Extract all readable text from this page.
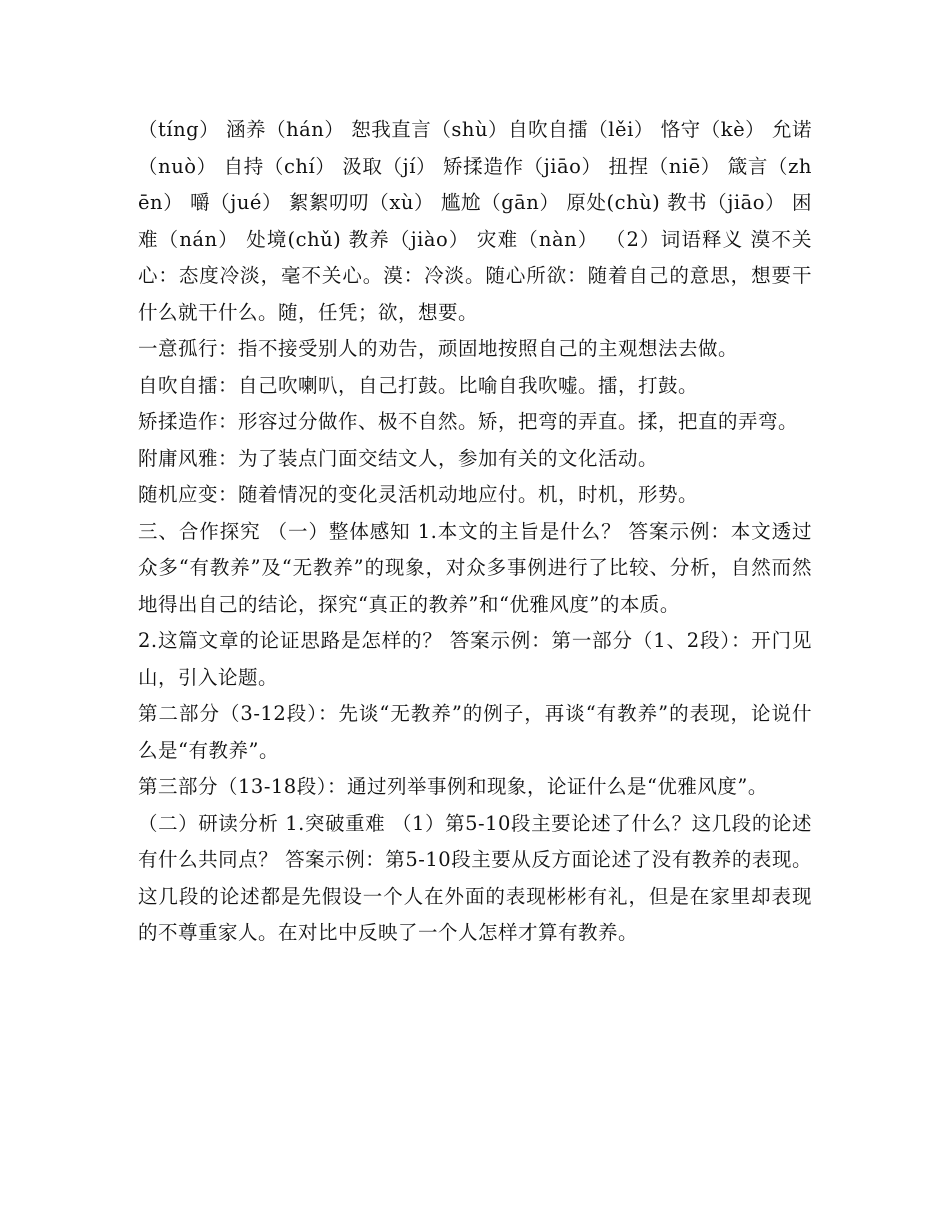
（tíng） 涵养（hán） 恕我直言（shù）自吹自擂（lěi） 恪守（kè） 允诺（nuò） 自持（chí） 汲取（jí） 矫揉造作（jiāo） 扭捏（niē） 箴言（zhēn） 嚼（jué） 絮絮叨叨（xù） 尴尬（gān） 原处(chù) 教书（jiāo） 困难（nán） 处境(chǔ) 教养（jiào） 灾难（nàn） （2）词语释义 漠不关心：态度冷淡，毫不关心。漠：冷淡。随心所欲：随着自己的意思，想要干什么就干什么。随，任凭；欲，想要。

一意孤行：指不接受别人的劝告，顽固地按照自己的主观想法去做。

自吹自擂：自己吹喇叭，自己打鼓。比喻自我吹嘘。擂，打鼓。

矫揉造作：形容过分做作、极不自然。矫，把弯的弄直。揉，把直的弄弯。

附庸风雅：为了装点门面交结文人，参加有关的文化活动。

随机应变：随着情况的变化灵活机动地应付。机，时机，形势。

三、合作探究 （一）整体感知 1.本文的主旨是什么？ 答案示例：本文透过众多“有教养”及“无教养”的现象，对众多事例进行了比较、分析，自然而然地得出自己的结论，探究“真正的教养”和“优雅风度”的本质。

2.这篇文章的论证思路是怎样的？ 答案示例：第一部分（1、2段）：开门见山，引入论题。

第二部分（3-12段）：先谈“无教养”的例子，再谈“有教养”的表现，论说什么是“有教养”。

第三部分（13-18段）：通过列举事例和现象，论证什么是“优雅风度”。

（二）研读分析 1.突破重难 （1）第5-10段主要论述了什么？这几段的论述有什么共同点？ 答案示例：第5-10段主要从反方面论述了没有教养的表现。这几段的论述都是先假设一个人在外面的表现彬彬有礼，但是在家里却表现的不尊重家人。在对比中反映了一个人怎样才算有教养。
